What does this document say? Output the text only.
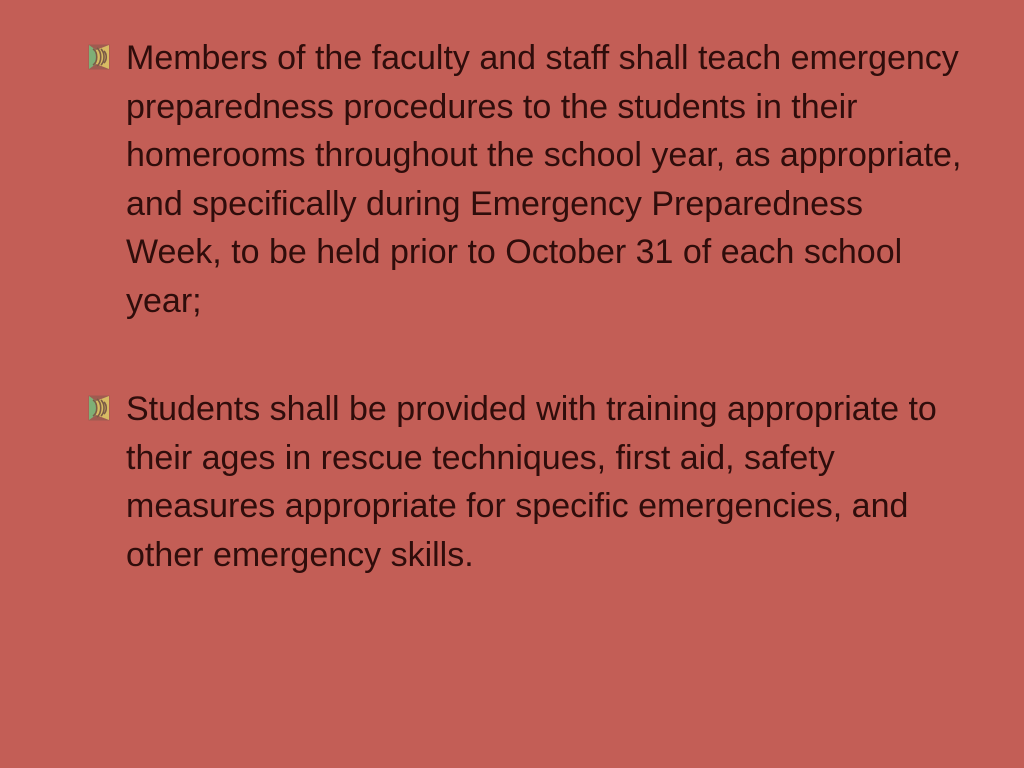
Members of the faculty and staff shall teach emergency preparedness procedures to the students in their homerooms throughout the school year, as appropriate, and specifically during Emergency Preparedness Week, to be held prior to October 31 of each school year;
Students shall be provided with training appropriate to their ages in rescue techniques, first aid, safety measures appropriate for specific emergencies, and other emergency skills.
